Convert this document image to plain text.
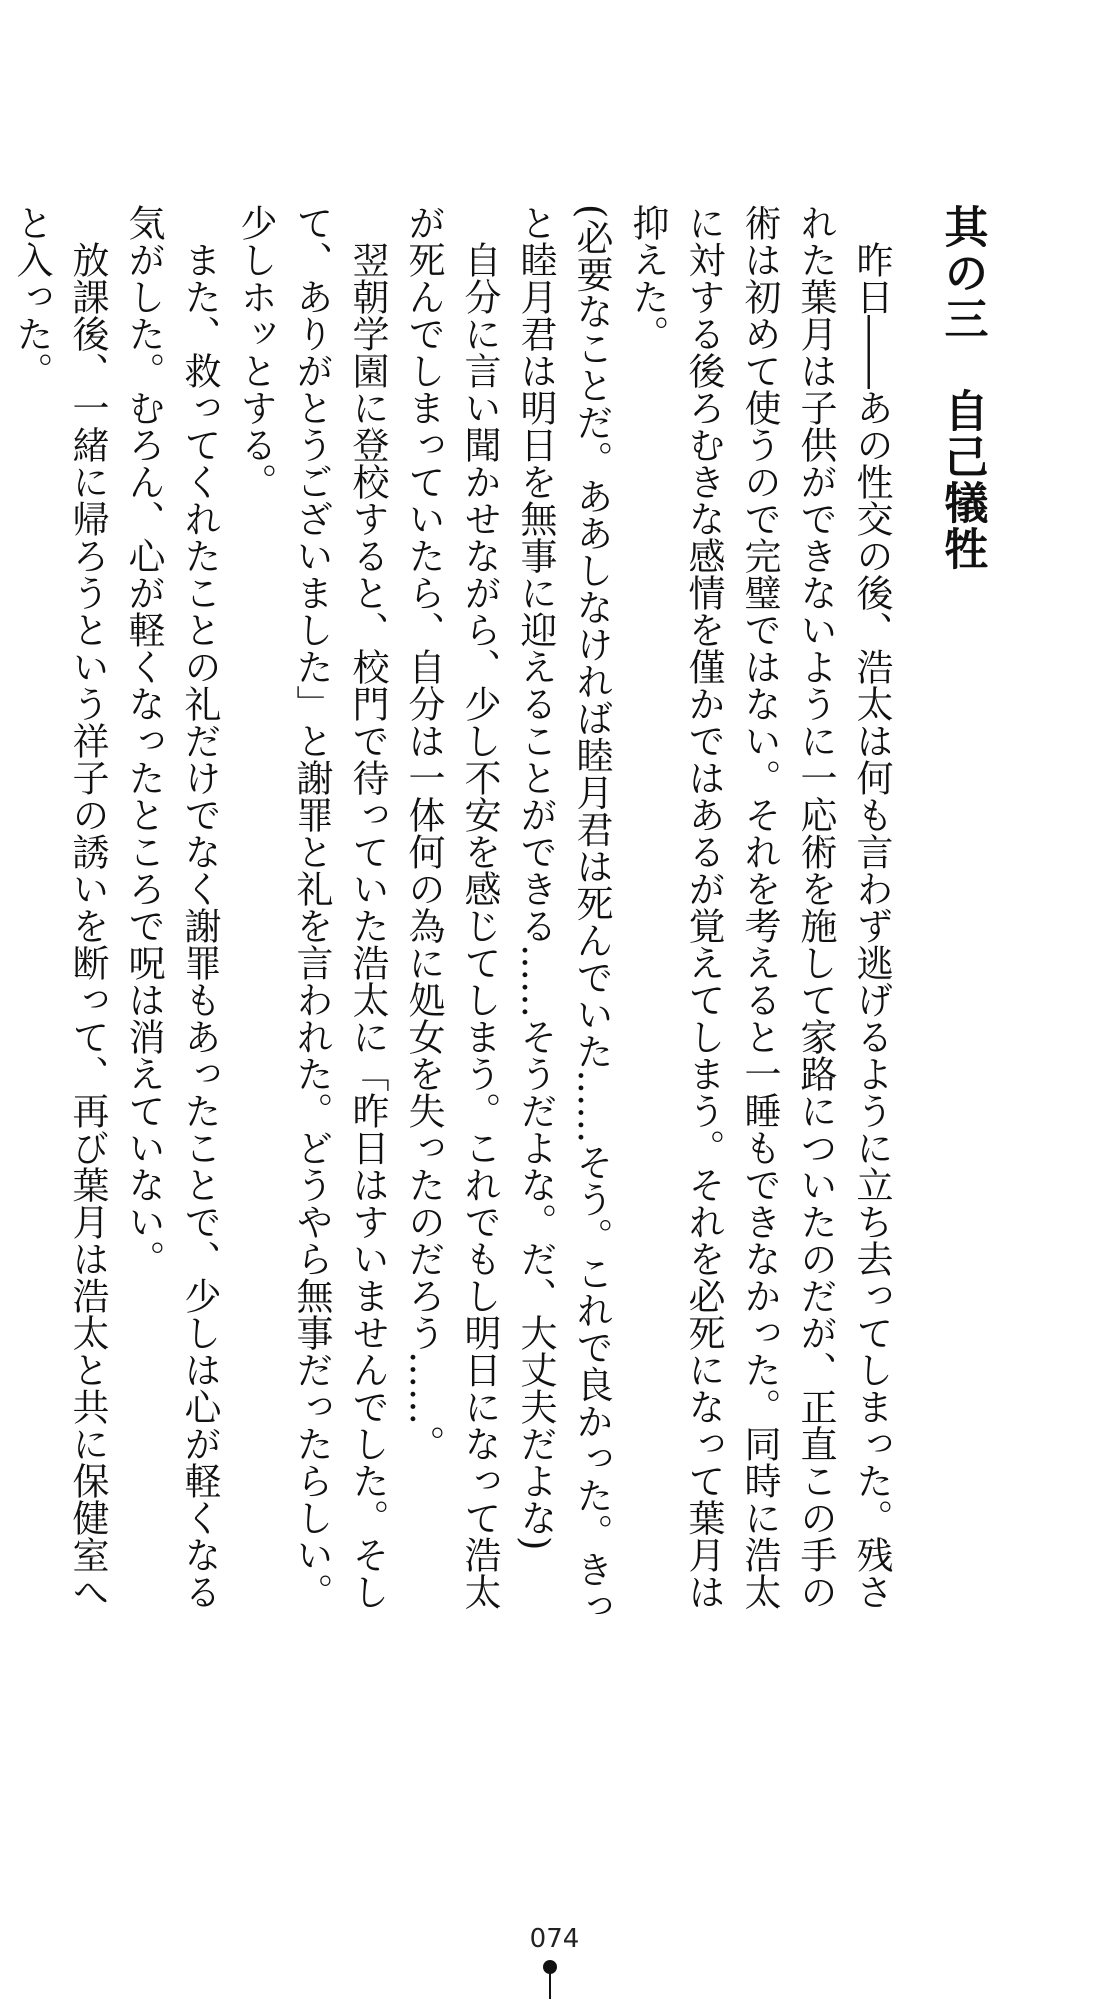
其の三　自己犠牲

昨日――あの性交の後、浩太は何も言わず逃げるように立ち去ってしまった。残された葉月は子供ができないように一応術を施して家路についたのだが、正直この手の術は初めて使うので完璧ではない。それを考えると一睡もできなかった。同時に浩太に対する後ろむきな感情を僅かではあるが覚えてしまう。それを必死になって葉月は抑えた。

(必要なことだ。ああしなければ睦月君は死んでいた……そう。これで良かった。きっと睦月君は明日を無事に迎えることができる……そうだよな。だ、大丈夫だよな)

自分に言い聞かせながら、少し不安を感じてしまう。これでもし明日になって浩太が死んでしまっていたら、自分は一体何の為に処女を失ったのだろう……。

翌朝学園に登校すると、校門で待っていた浩太に「昨日はすいませんでした。そして、ありがとうございました」と謝罪と礼を言われた。どうやら無事だったらしい。少しホッとする。

また、救ってくれたことの礼だけでなく謝罪もあったことで、少しは心が軽くなる気がした。むろん、心が軽くなったところで呪は消えていない。

放課後、一緒に帰ろうという祥子の誘いを断って、再び葉月は浩太と共に保健室へと入った。

074
